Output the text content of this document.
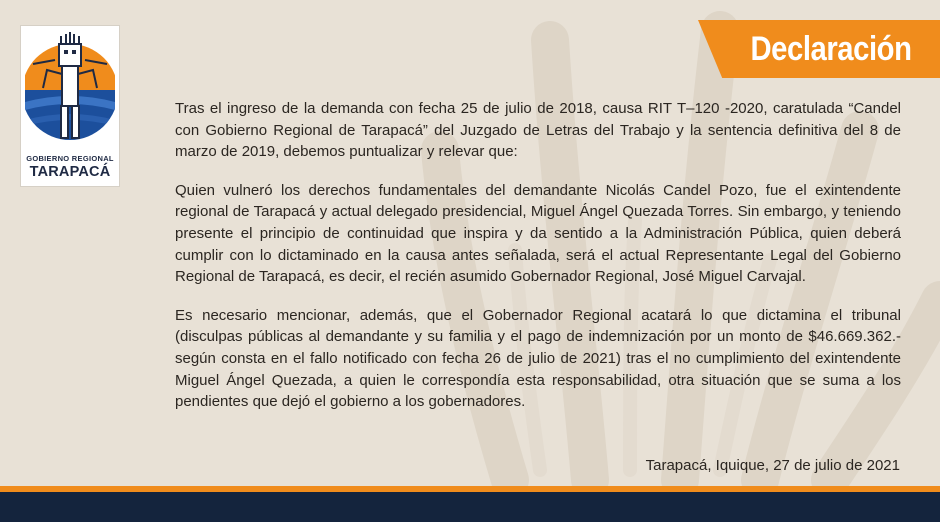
GOBIERNO REGIONAL
TARAPACÁ
Declaración

Tras el ingreso de la demanda con fecha 25 de julio de 2018, causa RIT T–120 -2020, caratulada “Candel con Gobierno Regional de Tarapacá” del Juzgado de Letras del Trabajo y la sentencia definitiva del 8 de marzo de 2019, debemos puntualizar y relevar que:

Quien vulneró los derechos fundamentales del demandante Nicolás Candel Pozo, fue el exintendente regional de Tarapacá y actual delegado presidencial, Miguel Ángel Quezada Torres. Sin embargo, y teniendo presente el principio de continuidad que inspira y da sentido a la Administración Pública, quien deberá cumplir con lo dictaminado en la causa antes señalada, será el actual Representante Legal del Gobierno Regional de Tarapacá, es decir, el recién asumido Gobernador Regional, José Miguel Carvajal.

Es necesario mencionar, además, que el Gobernador Regional acatará lo que dictamina el tribunal (disculpas públicas al demandante y su familia y el pago de indemnización por un monto de $46.669.362.- según consta en el fallo notificado con fecha 26 de julio de 2021) tras el no cumplimiento del exintendente Miguel Ángel Quezada, a quien le correspondía esta responsabilidad, otra situación que se suma a los pendientes que dejó el gobierno a los gobernadores.

Tarapacá, Iquique, 27 de julio de 2021
